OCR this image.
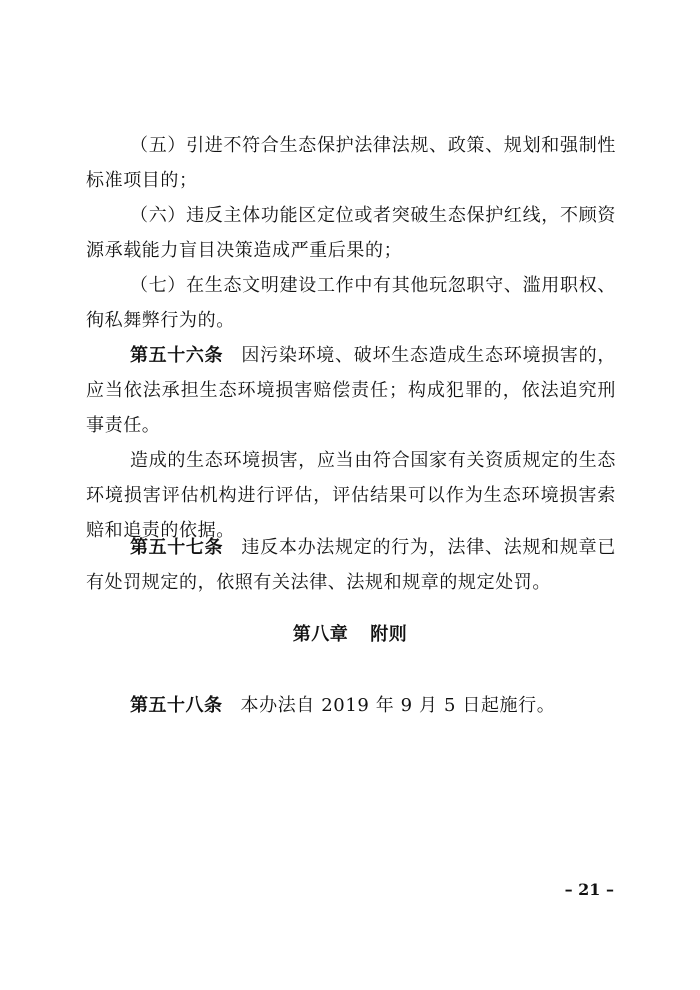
（五）引进不符合生态保护法律法规、政策、规划和强制性标准项目的；

（六）违反主体功能区定位或者突破生态保护红线，不顾资源承载能力盲目决策造成严重后果的；

（七）在生态文明建设工作中有其他玩忽职守、滥用职权、徇私舞弊行为的。

第五十六条 因污染环境、破坏生态造成生态环境损害的，应当依法承担生态环境损害赔偿责任；构成犯罪的，依法追究刑事责任。

造成的生态环境损害，应当由符合国家有关资质规定的生态环境损害评估机构进行评估，评估结果可以作为生态环境损害索赔和追责的依据。

第五十七条 违反本办法规定的行为，法律、法规和规章已有处罚规定的，依照有关法律、法规和规章的规定处罚。

第八章 附则

第五十八条 本办法自 2019 年 9 月 5 日起施行。

– 21 –
